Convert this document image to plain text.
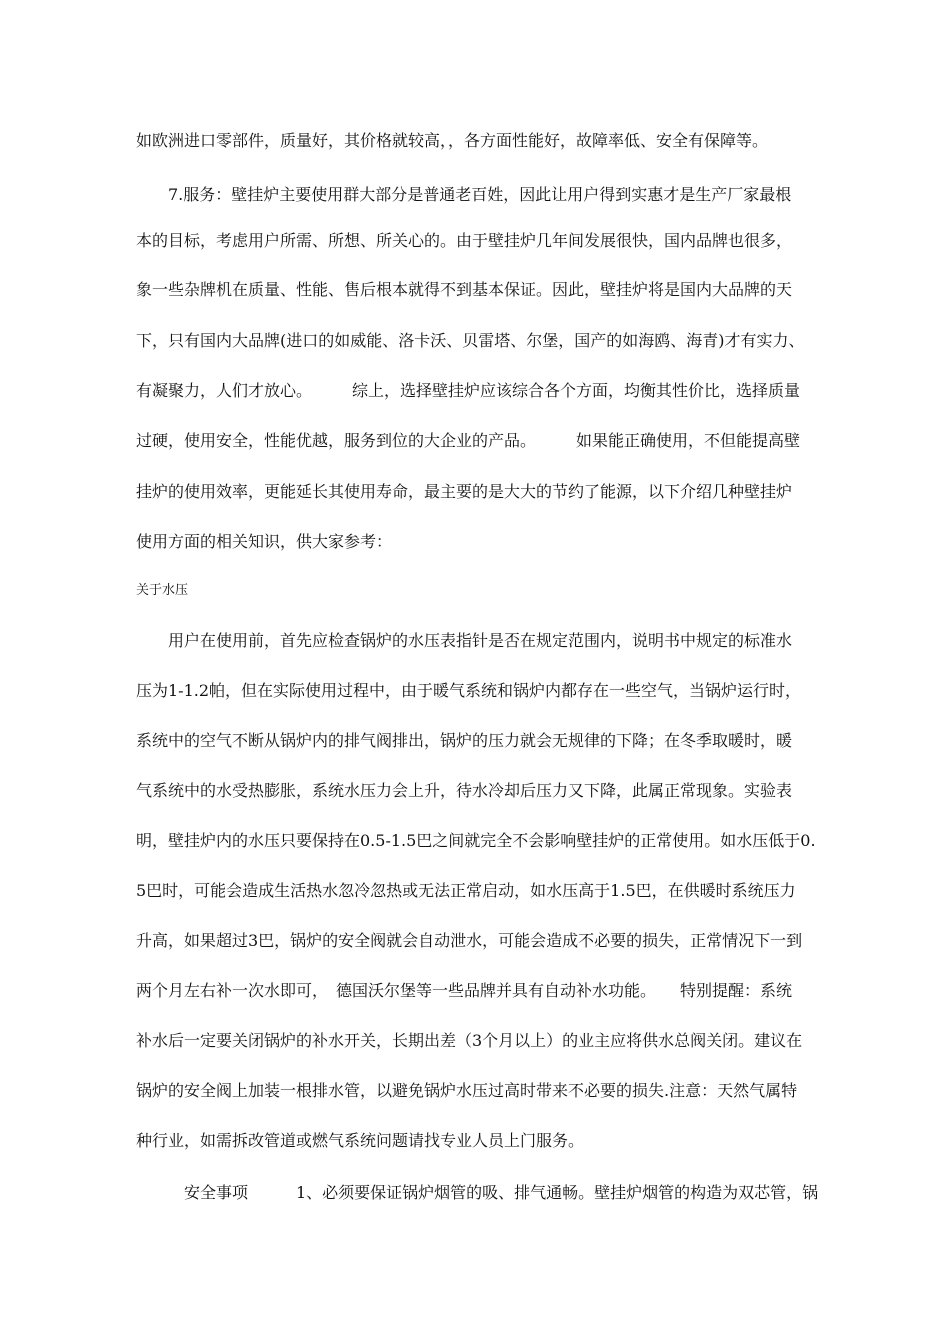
如欧洲进口零部件，质量好，其价格就较高，，各方面性能好，故障率低、安全有保障等。
　　7.服务：壁挂炉主要使用群大部分是普通老百姓，因此让用户得到实惠才是生产厂家最根
本的目标，考虑用户所需、所想、所关心的。由于壁挂炉几年间发展很快，国内品牌也很多，
象一些杂牌机在质量、性能、售后根本就得不到基本保证。因此，壁挂炉将是国内大品牌的天
下，只有国内大品牌(进口的如威能、洛卡沃、贝雷塔、尔堡，国产的如海鸥、海青)才有实力、
有凝聚力，人们才放心。　　　综上，选择壁挂炉应该综合各个方面，均衡其性价比，选择质量
过硬，使用安全，性能优越，服务到位的大企业的产品。　　　如果能正确使用，不但能提高壁
挂炉的使用效率，更能延长其使用寿命，最主要的是大大的节约了能源，以下介绍几种壁挂炉
使用方面的相关知识，供大家参考：
关于水压
　　用户在使用前，首先应检查锅炉的水压表指针是否在规定范围内，说明书中规定的标准水
压为1-1.2帕，但在实际使用过程中，由于暖气系统和锅炉内都存在一些空气，当锅炉运行时，
系统中的空气不断从锅炉内的排气阀排出，锅炉的压力就会无规律的下降；在冬季取暖时，暖
气系统中的水受热膨胀，系统水压力会上升，待水冷却后压力又下降，此属正常现象。实验表
明，壁挂炉内的水压只要保持在0.5-1.5巴之间就完全不会影响壁挂炉的正常使用。如水压低于0.
5巴时，可能会造成生活热水忽冷忽热或无法正常启动，如水压高于1.5巴，在供暖时系统压力
升高，如果超过3巴，锅炉的安全阀就会自动泄水，可能会造成不必要的损失，正常情况下一到
两个月左右补一次水即可，　德国沃尔堡等一些品牌并具有自动补水功能。　　特别提醒：系统
补水后一定要关闭锅炉的补水开关，长期出差（3个月以上）的业主应将供水总阀关闭。建议在
锅炉的安全阀上加装一根排水管，以避免锅炉水压过高时带来不必要的损失.注意：天然气属特
种行业，如需拆改管道或燃气系统问题请找专业人员上门服务。
　　　安全事项　　　1、必须要保证锅炉烟管的吸、排气通畅。壁挂炉烟管的构造为双芯管，锅
